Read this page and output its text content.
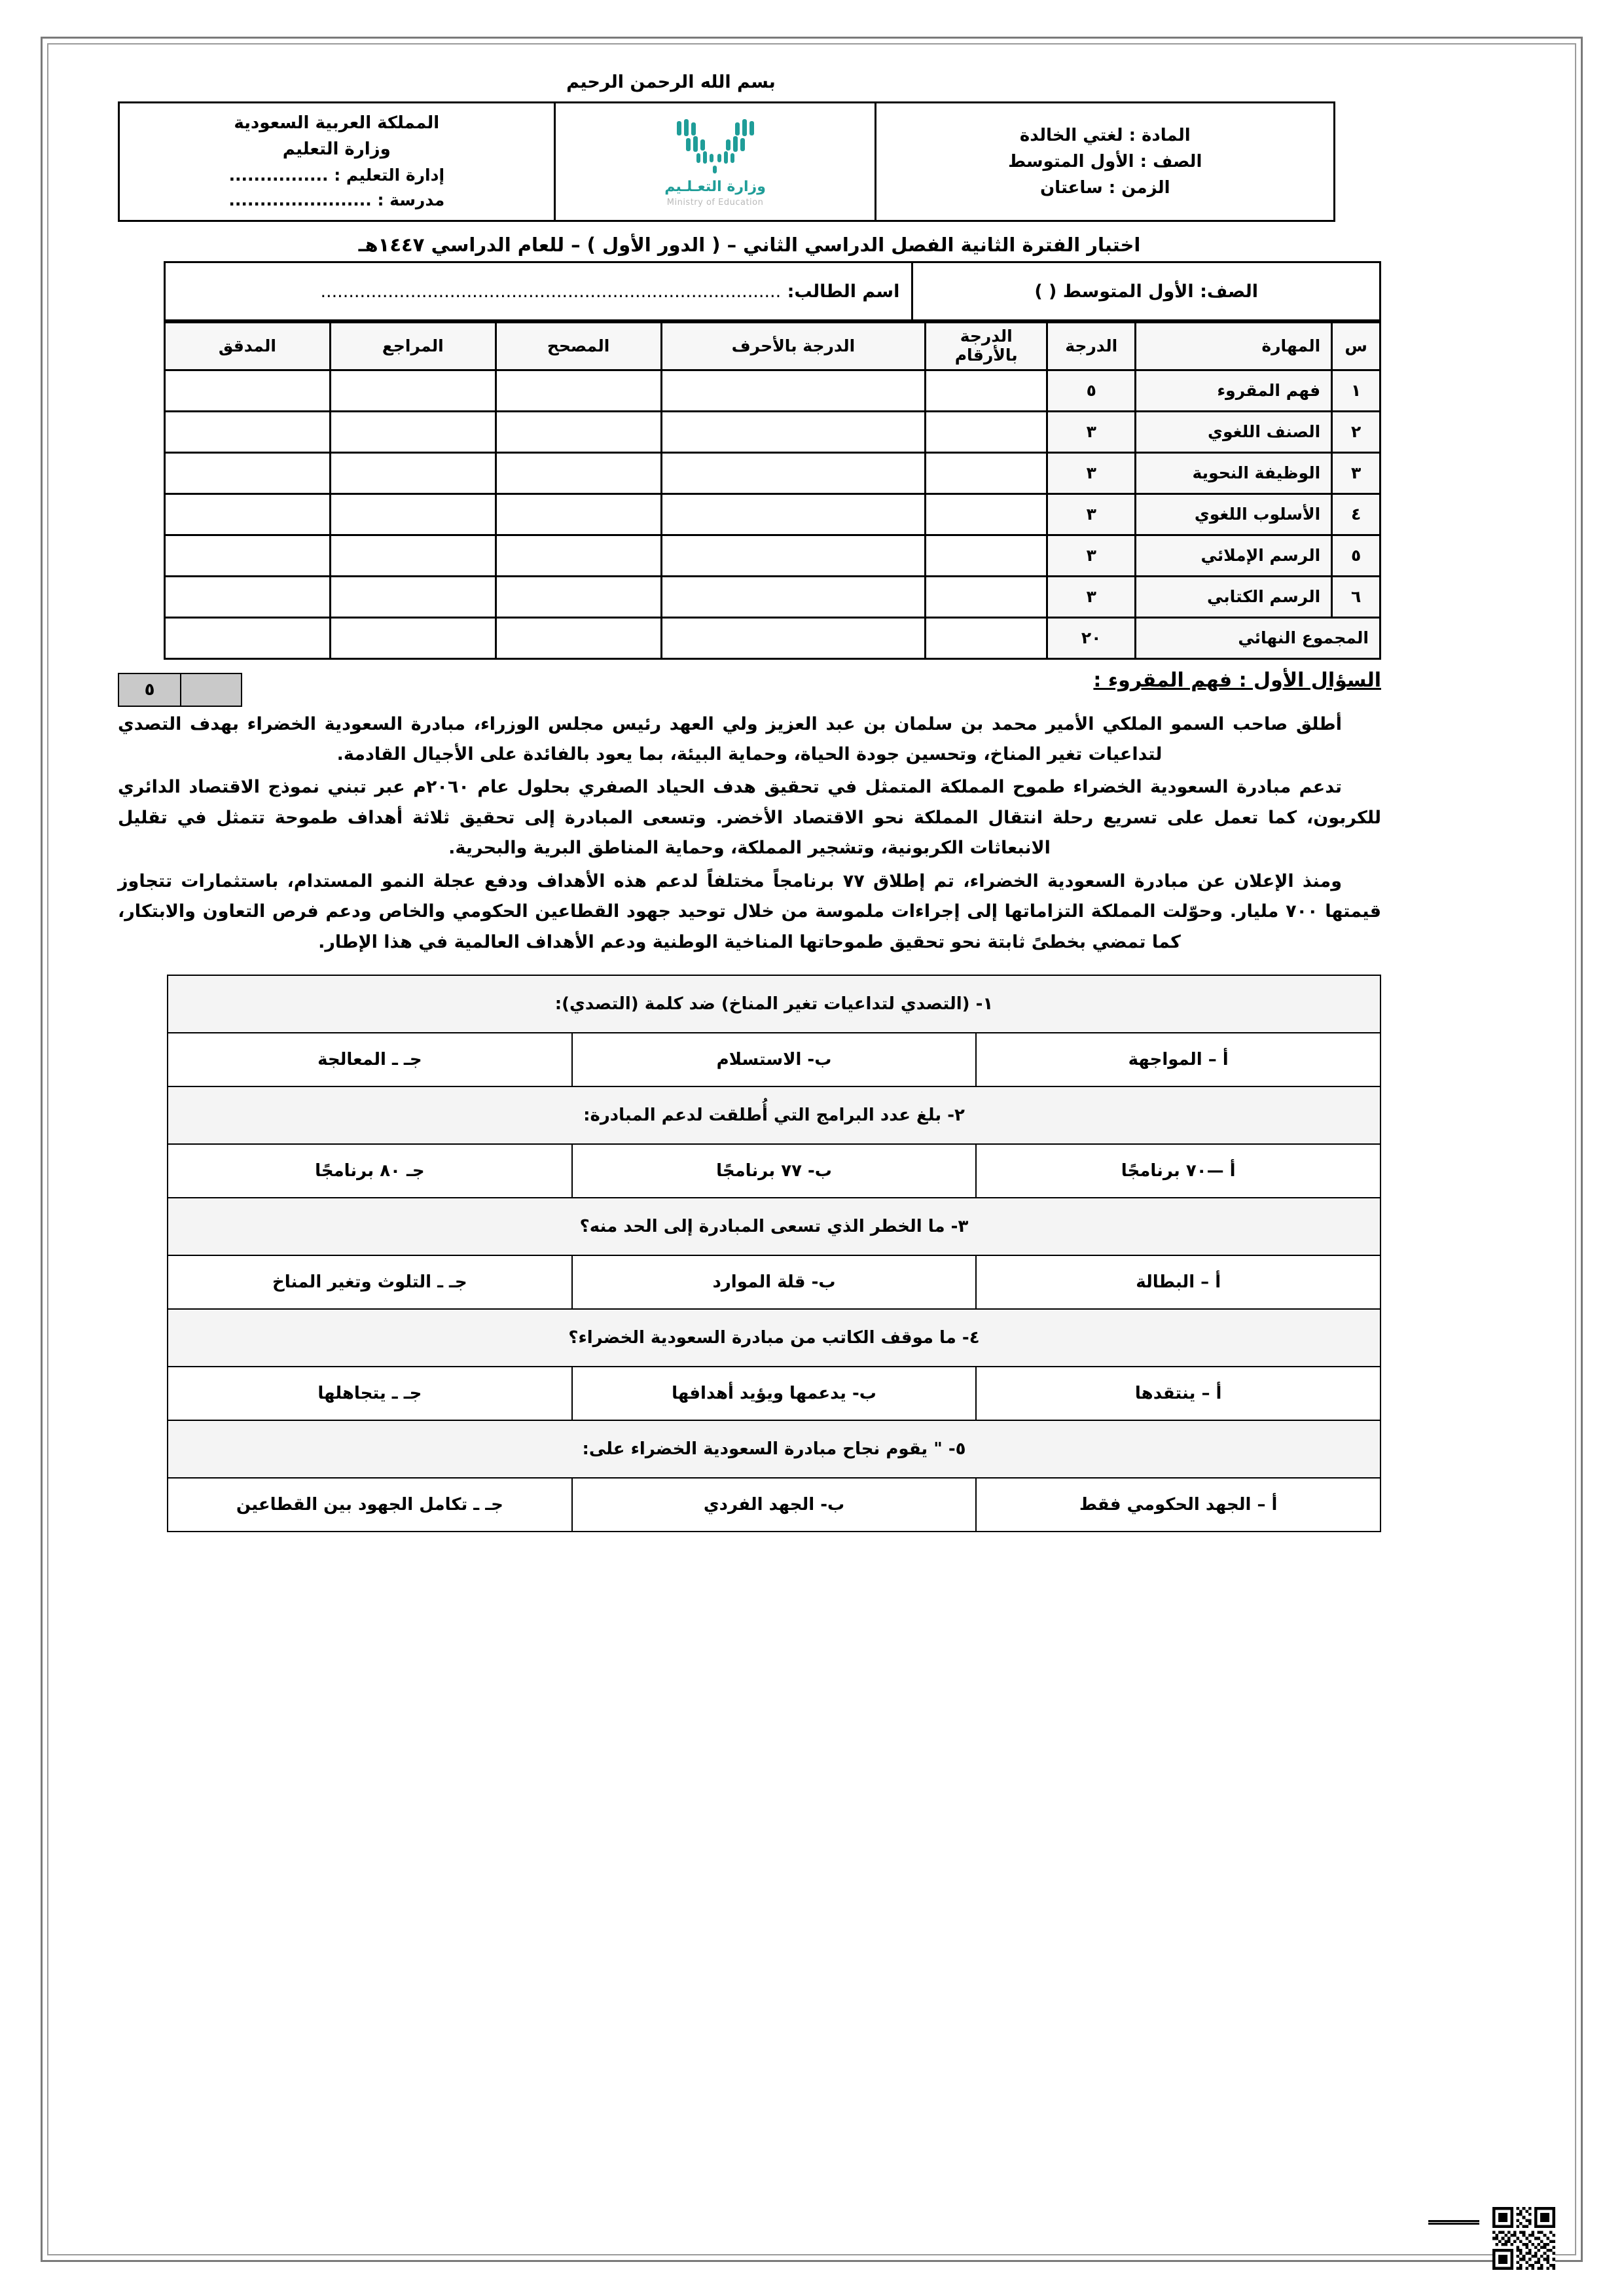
بسم الله الرحمن الرحيم
المادة : لغتي الخالدة
الصف : الأول المتوسط
الزمن : ساعتان

وزارة التعـلـيم
Ministry of Education

المملكة العربية السعودية
وزارة التعليم
إدارة التعليم : ................
مدرسة : .......................
اختبار الفترة الثانية الفصل الدراسي الثاني – ( الدور الأول ) – للعام الدراسي ١٤٤٧هـ
الصف: الأول المتوسط ( )	اسم الطالب: ..................................................................................
س	المهارة	الدرجة	الدرجة بالأرقام	الدرجة بالأحرف	المصحح	المراجع	المدقق
١	فهم المقروء	٥					
٢	الصنف اللغوي	٣					
٣	الوظيفة النحوية	٣					
٤	الأسلوب اللغوي	٣					
٥	الرسم الإملائي	٣					
٦	الرسم الكتابي	٣					
المجموع النهائي		٢٠					
السؤال الأول : فهم المقروء :
٥

أطلق صاحب السمو الملكي الأمير محمد بن سلمان بن عبد العزيز ولي العهد رئيس مجلس الوزراء، مبادرة السعودية الخضراء بهدف التصدي لتداعيات تغير المناخ، وتحسين جودة الحياة، وحماية البيئة، بما يعود بالفائدة على الأجيال القادمة.

تدعم مبادرة السعودية الخضراء طموح المملكة المتمثل في تحقيق هدف الحياد الصفري بحلول عام ٢٠٦٠م عبر تبني نموذج الاقتصاد الدائري للكربون، كما تعمل على تسريع رحلة انتقال المملكة نحو الاقتصاد الأخضر. وتسعى المبادرة إلى تحقيق ثلاثة أهداف طموحة تتمثل في تقليل الانبعاثات الكربونية، وتشجير المملكة، وحماية المناطق البرية والبحرية.

ومنذ الإعلان عن مبادرة السعودية الخضراء، تم إطلاق ٧٧ برنامجاً مختلفاً لدعم هذه الأهداف ودفع عجلة النمو المستدام، باستثمارات تتجاوز قيمتها ٧٠٠ مليار. وحوّلت المملكة التزاماتها إلى إجراءات ملموسة من خلال توحيد جهود القطاعين الحكومي والخاص ودعم فرص التعاون والابتكار، كما تمضي بخطىً ثابتة نحو تحقيق طموحاتها المناخية الوطنية ودعم الأهداف العالمية في هذا الإطار.

١- (التصدي لتداعيات تغير المناخ) ضد كلمة (التصدي):		
أ – المواجهة	ب- الاستسلام	جـ ـ المعالجة
٢- بلغ عدد البرامج التي أُطلقت لدعم المبادرة:		
أ —٧٠ برنامجًا	ب- ٧٧ برنامجًا	جـ ٨٠ برنامجًا
٣- ما الخطر الذي تسعى المبادرة إلى الحد منه؟		
أ – البطالة	ب- قلة الموارد	جـ ـ التلوث وتغير المناخ
٤- ما موقف الكاتب من مبادرة السعودية الخضراء؟		
أ – ينتقدها	ب- يدعمها ويؤيد أهدافها	جـ ـ يتجاهلها
٥- " يقوم نجاح مبادرة السعودية الخضراء على:		
أ – الجهد الحكومي فقط	ب- الجهد الفردي	جـ ـ تكامل الجهود بين القطاعين
